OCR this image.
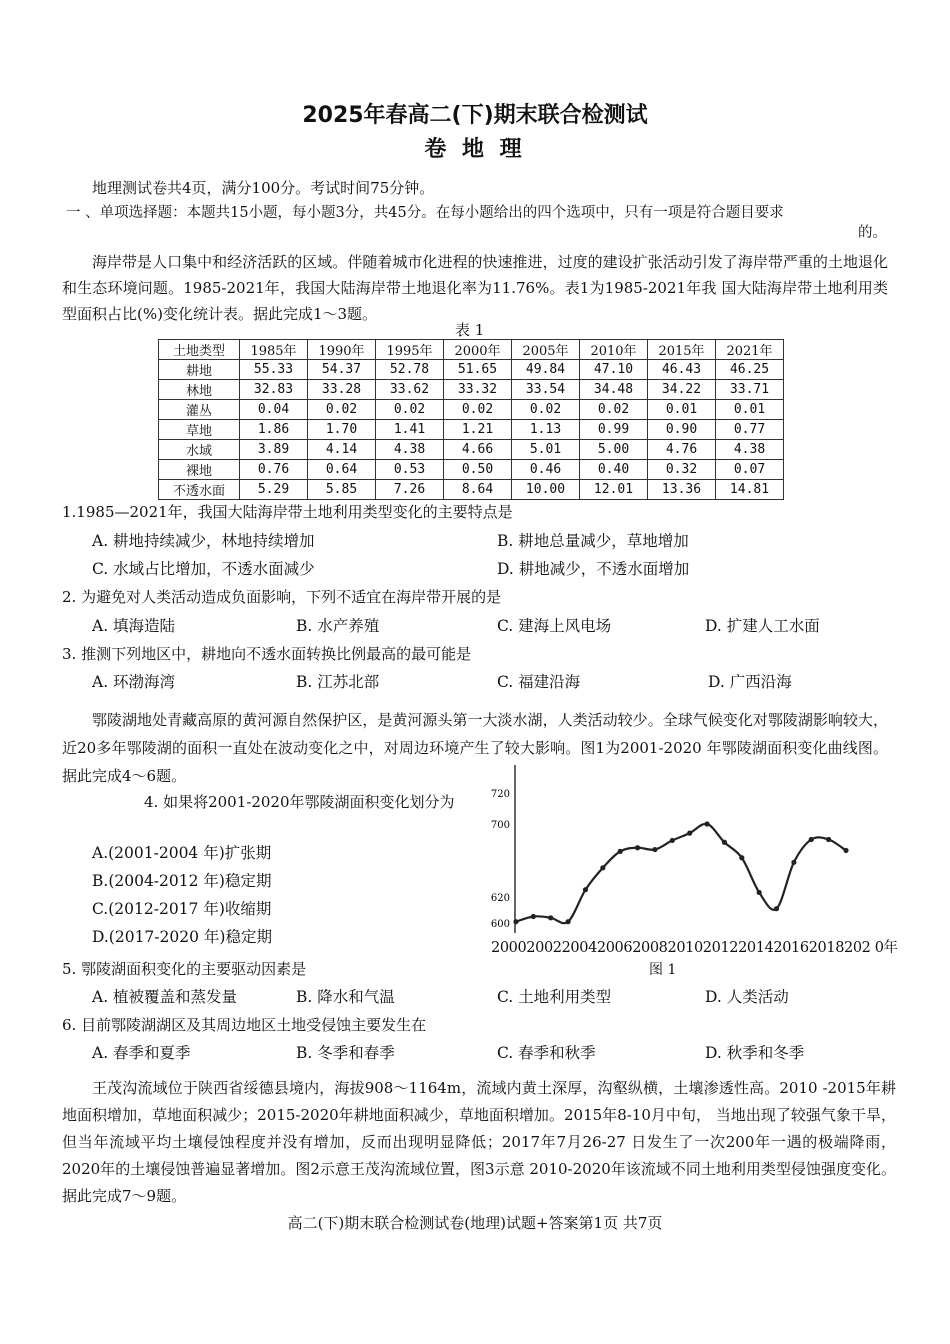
2025年春高二(下)期末联合检测试
卷 地 理
地理测试卷共4页，满分100分。考试时间75分钟。
一 、单项选择题：本题共15小题，每小题3分，共45分。在每小题给出的四个选项中，只有一项是符合题目要求
的。
海岸带是人口集中和经济活跃的区域。伴随着城市化进程的快速推进，过度的建设扩张活动引发了海岸带严重的土地退化和生态环境问题。1985-2021年，我国大陆海岸带土地退化率为11.76%。表1为1985-2021年我 国大陆海岸带土地利用类型面积占比(%)变化统计表。据此完成1～3题。
表 1
土地类型	1985年	1990年	1995年	2000年	2005年	2010年	2015年	2021年
耕地	55.33	54.37	52.78	51.65	49.84	47.10	46.43	46.25
林地	32.83	33.28	33.62	33.32	33.54	34.48	34.22	33.71
灌丛	0.04	0.02	0.02	0.02	0.02	0.02	0.01	0.01
草地	1.86	1.70	1.41	1.21	1.13	0.99	0.90	0.77
水域	3.89	4.14	4.38	4.66	5.01	5.00	4.76	4.38
裸地	0.76	0.64	0.53	0.50	0.46	0.40	0.32	0.07
不透水面	5.29	5.85	7.26	8.64	10.00	12.01	13.36	14.81
1.1985—2021年，我国大陆海岸带土地利用类型变化的主要特点是
A. 耕地持续减少，林地持续增加	B. 耕地总量减少，草地增加
C. 水域占比增加，不透水面减少	D. 耕地减少，不透水面增加
2. 为避免对人类活动造成负面影响，下列不适宜在海岸带开展的是
A. 填海造陆	B. 水产养殖	C. 建海上风电场	D. 扩建人工水面
3. 推测下列地区中，耕地向不透水面转换比例最高的最可能是
A. 环渤海湾	B. 江苏北部	C. 福建沿海	D. 广西沿海
鄂陵湖地处青藏高原的黄河源自然保护区，是黄河源头第一大淡水湖，人类活动较少。全球气候变化对鄂陵湖影响较大，近20多年鄂陵湖的面积一直处在波动变化之中，对周边环境产生了较大影响。图1为2001-2020 年鄂陵湖面积变化曲线图。据此完成4～6题。
4. 如果将2001-2020年鄂陵湖面积变化划分为
A.(2001-2004 年)扩张期
B.(2004-2012 年)稳定期
C.(2012-2017 年)收缩期
D.(2017-2020 年)稳定期
600
620
700
720
2000200220042006200820102012201420162018202 0年
图 1
5. 鄂陵湖面积变化的主要驱动因素是
A. 植被覆盖和蒸发量	B. 降水和气温	C. 土地利用类型	D. 人类活动
6. 目前鄂陵湖湖区及其周边地区土地受侵蚀主要发生在
A. 春季和夏季	B. 冬季和春季	C. 春季和秋季	D. 秋季和冬季
王茂沟流域位于陕西省绥德县境内，海拔908～1164m，流域内黄土深厚，沟壑纵横，土壤渗透性高。2010 -2015年耕地面积增加，草地面积减少；2015-2020年耕地面积减少，草地面积增加。2015年8-10月中旬， 当地出现了较强气象干旱，但当年流域平均土壤侵蚀程度并没有增加，反而出现明显降低；2017年7月26-27 日发生了一次200年一遇的极端降雨，2020年的土壤侵蚀普遍显著增加。图2示意王茂沟流域位置，图3示意 2010-2020年该流域不同土地利用类型侵蚀强度变化。据此完成7～9题。
高二(下)期末联合检测试卷(地理)试题+答案第1页 共7页
